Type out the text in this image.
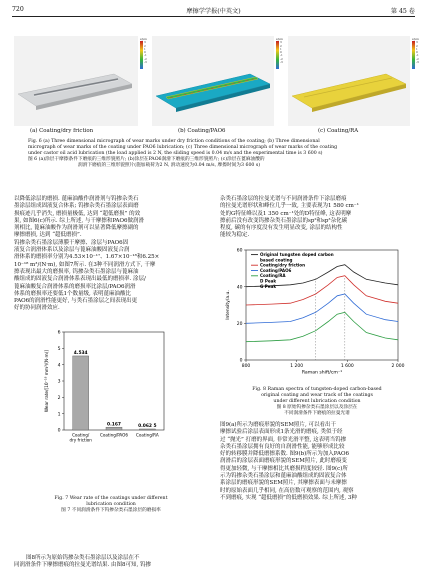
720	摩擦学学报(中英文)	第 45 卷
z/μm
3
2
1
0
-1
-2
-3
z/μm
3
2
1
0
-1
-2
-3
z/μm
3
2
1
0
-1
-2
-3
(a) Coating/dry friction	(b) Coating/PAO6	(c) Coating/RA
Fig. 6 (a) Three dimensional micrograph of wear marks under dry friction conditions of the coating; (b) Three dimensional
micrograph of wear marks of the coating under PAO6 lubrication; (c) Three dimensional micrograph of wear marks of the coating
under castor oil acid lubrication (the load applied is 2 N, the sliding speed is 0.04 m/s and the experimental time is 3 600 s)
图 6 (a)涂层干摩擦条件下磨痕的三维形貌照片; (b)涂层在PAO6润滑下磨痕的三维形貌照片; (c)涂层在蓖麻油酸的
润滑下磨痕的三维形貌照片(施加载荷为2 N, 滑动速度为0.04 m/s, 摩擦时间为3 600 s)
以降低涂层的磨损. 蓖麻油酸作润滑剂与钨掺杂类石
墨涂层组成固液复合体系; 钨掺杂类石墨涂层表面磨
损痕迹几乎消失, 磨损量极低, 达到 “超低磨损” 的效
果, 如图6(c)所示. 综上所述, 与干摩擦和PAO6做润滑
剂相比, 蓖麻油酸作为润滑剂可以显著降低摩擦副的
摩擦磨损, 达到 “超低磨损”.
钨掺杂类石墨涂层薄膜干摩擦、涂层与PAO6固
液复合润滑体系以及涂层与蓖麻油酸固液复合润
滑体系的磨损率分别为4.53×10⁻¹⁷、1.67×10⁻¹⁸和6.25×
10⁻¹⁸ m³/(N·m), 如图7所示. 在3种不同润滑方式下, 干摩
擦表现出最大的磨损率, 钨掺杂类石墨涂层与蓖麻油
酸组成的固液复合润滑体系表现出最低的磨损率. 涂层/
蓖麻油酸复合润滑体系的磨损率比涂层/PAO6润滑
体系的磨损率还要低1个数量级, 表明蓖麻油酸比
PAO6的润滑性能更好, 与类石墨涂层之间表现出更
好的协同润滑效应.
0
1
2
3
4
5
6
Wear rate/[10⁻¹⁶ mm³/(N·m)]	4.534
Coating/
dry friction
0.167
Coating/PAO6
0.062 5
Coating/RA
Fig. 7 Wear rate of the coatings under different
lubrication condition
图 7 不同润滑条件下钨掺杂类石墨涂层的磨损率
图8所示为原始钨掺杂类石墨涂层以及涂层在不
同润滑条件下摩擦磨痕的拉曼光谱结果. 由图8可知, 钨掺
杂类石墨涂层的拉曼光谱与不同润滑条件下涂层磨痕
的拉曼光谱形状和峰位几乎一致, 主要表现为1 580 cm⁻¹
处的G特征峰以及1 350 cm⁻¹处的D特征峰, 这表明摩
擦前后没有改变钨掺杂类石墨涂层的sp²和sp³杂化碳
程度, 碳的有序度没有发生明显改变, 涂层的结构性
能较为稳定.
800	1 200	1 600	2 000
0
20
40
60
Raman shift/cm⁻¹
Intensity/a.u.
Original tungsten doped carbon
based coating
Coating/dry friction
Coating/PAO6
Coating/RA
D Peak
G Peak
Fig. 8 Raman spectra of tungsten-doped carbon-based
original coating and wear track of the coatings
under different lubrication condition
图 8 原始钨掺杂类石墨涂层以及涂层在
不同润滑条件下磨痕的拉曼光谱
图9(a)所示为磨痕形貌的SEM照片, 可以看出干
摩擦试验后涂层表面形成1条光滑的磨痕, 类似于经
过 “抛光” 打磨的界面, 非常光滑平整, 这表明当钨掺
杂类石墨涂层拥有良好的自润滑性能, 能够形成比较
好的转移膜并降低磨擦系数. 图9(b)所示为加入PAO6
润滑后的涂层表面磨痕形貌的SEM照片, 此时磨痕变
得更加轻微, 与干摩擦相比其磨损程度较轻. 图9(c)所
示为钨掺杂类石墨涂层和蓖麻油酸组成的固液复合体
系涂层的磨痕形貌的SEM照片, 其摩擦表面与未摩擦
时的原始表面几乎相同, 在高倍数可观察的范围内, 观察
不到磨痕, 实现 “超低磨损”的低磨损效果. 综上所述, 3种
